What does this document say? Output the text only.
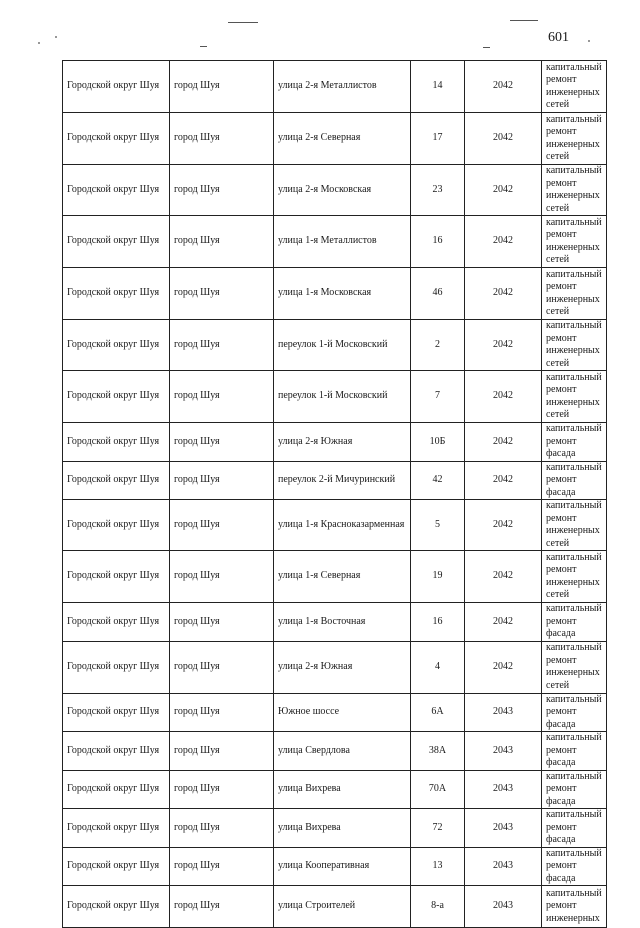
601
Городской округ Шуя	город Шуя	улица 2-я Металлистов	14	2042	капитальный ремонт инженерных сетей
Городской округ Шуя	город Шуя	улица 2-я Северная	17	2042	капитальный ремонт инженерных сетей
Городской округ Шуя	город Шуя	улица 2-я Московская	23	2042	капитальный ремонт инженерных сетей
Городской округ Шуя	город Шуя	улица 1-я Металлистов	16	2042	капитальный ремонт инженерных сетей
Городской округ Шуя	город Шуя	улица 1-я Московская	46	2042	капитальный ремонт инженерных сетей
Городской округ Шуя	город Шуя	переулок 1-й Московский	2	2042	капитальный ремонт инженерных сетей
Городской округ Шуя	город Шуя	переулок 1-й Московский	7	2042	капитальный ремонт инженерных сетей
Городской округ Шуя	город Шуя	улица 2-я Южная	10Б	2042	капитальный ремонт фасада
Городской округ Шуя	город Шуя	переулок 2-й Мичуринский	42	2042	капитальный ремонт фасада
Городской округ Шуя	город Шуя	улица 1-я Красноказарменная	5	2042	капитальный ремонт инженерных сетей
Городской округ Шуя	город Шуя	улица 1-я Северная	19	2042	капитальный ремонт инженерных сетей
Городской округ Шуя	город Шуя	улица 1-я Восточная	16	2042	капитальный ремонт фасада
Городской округ Шуя	город Шуя	улица 2-я Южная	4	2042	капитальный ремонт инженерных сетей
Городской округ Шуя	город Шуя	Южное шоссе	6А	2043	капитальный ремонт фасада
Городской округ Шуя	город Шуя	улица Свердлова	38А	2043	капитальный ремонт фасада
Городской округ Шуя	город Шуя	улица Вихрева	70А	2043	капитальный ремонт фасада
Городской округ Шуя	город Шуя	улица Вихрева	72	2043	капитальный ремонт фасада
Городской округ Шуя	город Шуя	улица Кооперативная	13	2043	капитальный ремонт фасада
Городской округ Шуя	город Шуя	улица Строителей	8-а	2043	капитальный ремонт инженерных
